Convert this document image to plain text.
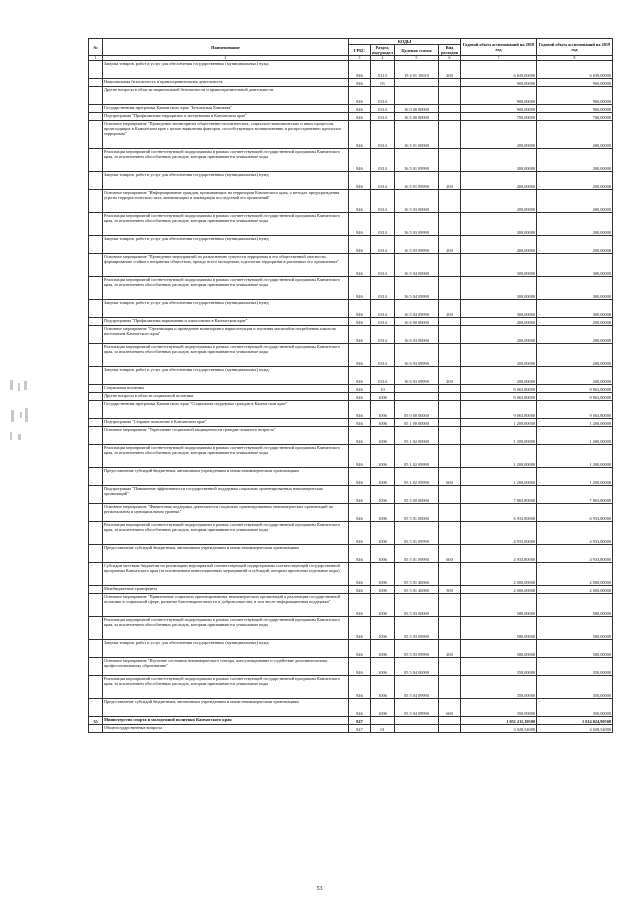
№	Наименование	КОДЫ				Годовой объем ассигнований на 2018 год	Годовой объем ассигнований на 2019 год
		ГРБС	Раздел, под-раздел	Целевая статья	Вид расходов		
1	2	3	4	5	6	7	8
	Закупка товаров, работ и услуг для обеспечения государственных (муниципальных) нужд	846	0113	19 4 01 10010	200	6 639,00000	6 639,00000
	Национальная безопасность и правоохранительная деятельность	846	03			900,00000	900,00000
	Другие вопросы в области национальной безопасности и правоохранительной деятельности	846	0314			900,00000	900,00000
	Государственная программа Камчатского края "Безопасная Камчатка"	846	0314	16 0 00 00000		900,00000	900,00000
	Подпрограмма "Профилактика терроризма и экстремизма в Камчатском крае"	846	0314	16 5 00 00000		700,00000	700,00000
	Основное мероприятие "Проведение мониторинга общественно-политических, социально-экономических и иных процессов, происходящих в Камчатском крае с целью выявления факторов, способствующих возникновению и распространению идеологии терроризма"	846	0314	16 5 01 00000		200,00000	200,00000
	Реализация мероприятий соответствующей подпрограммы в рамках соответствующей государственной программы Камчатского края, за исключением обособленных расходов, которым присваиваются уникальные коды	846	0314	16 5 01 09990		200,00000	200,00000
	Закупка товаров, работ и услуг для обеспечения государственных (муниципальных) нужд	846	0314	16 5 01 09990	200	200,00000	200,00000
	Основное мероприятие "Информирование граждан, проживающих на территории Камчатского края, о методах предупреждения угрозы террористического акта, минимизации и ликвидации последствий его проявлений"	846	0314	16 5 03 00000		200,00000	200,00000
	Реализация мероприятий соответствующей подпрограммы в рамках соответствующей государственной программы Камчатского края, за исключением обособленных расходов, которым присваиваются уникальные коды	846	0314	16 5 03 09990		200,00000	200,00000
	Закупка товаров, работ и услуг для обеспечения государственных (муниципальных) нужд	846	0314	16 5 03 09990	200	200,00000	200,00000
	Основное мероприятие "Проведение мероприятий по разъяснению сущности терроризма и его общественной опасности, формированию стойкого неприятия обществом, прежде всего молодежью, идеологии терроризма в различных его проявлениях"	846	0314	16 5 04 00000		300,00000	300,00000
	Реализация мероприятий соответствующей подпрограммы в рамках соответствующей государственной программы Камчатского края, за исключением обособленных расходов, которым присваиваются уникальные коды	846	0314	16 5 04 09990		300,00000	300,00000
	Закупка товаров, работ и услуг для обеспечения государственных (муниципальных) нужд	846	0314	16 5 04 09990	200	300,00000	300,00000
	Подпрограмма "Профилактика наркомании и алкоголизма в Камчатском крае"	846	0314	16 6 00 00000		200,00000	200,00000
	Основное мероприятие "Организация и проведение мониторинга наркоситуации и изучения масштабов потребления алкоголя населением Камчатского края"	846	0314	16 6 03 00000		200,00000	200,00000
	Реализация мероприятий соответствующей подпрограммы в рамках соответствующей государственной программы Камчатского края, за исключением обособленных расходов, которым присваиваются уникальные коды	846	0314	16 6 03 09990		200,00000	200,00000
	Закупка товаров, работ и услуг для обеспечения государственных (муниципальных) нужд	846	0314	16 6 03 09990	200	200,00000	200,00000
	Социальная политика	846	10			9 063,80000	9 063,80000
	Другие вопросы в области социальной политики	846	1006			9 063,80000	9 063,80000
	Государственная программа Камчатского края "Социальная поддержка граждан в Камчатском крае"	846	1006	05 0 00 00000		9 063,80000	9 063,80000
	Подпрограмма "Старшее поколение в Камчатском крае"	846	1006	05 1 00 00000		1 200,00000	1 200,00000
	Основное мероприятие "Укрепление социальной защищенности граждан пожилого возраста"	846	1006	05 1 02 00000		1 200,00000	1 200,00000
	Реализация мероприятий соответствующей подпрограммы в рамках соответствующей государственной программы Камчатского края, за исключением обособленных расходов, которым присваиваются уникальные коды	846	1006	05 1 02 09990		1 200,00000	1 200,00000
	Предоставление субсидий бюджетным, автономным учреждениям и иным некоммерческим организациям	846	1006	05 1 02 09990	600	1 200,00000	1 200,00000
	Подпрограмма "Повышение эффективности государственной поддержки социально ориентированных некоммерческих организаций"	846	1006	05 5 00 00000		7 863,80000	7 863,80000
	Основное мероприятие "Финансовая поддержка деятельности социально ориентированных некоммерческих организаций на региональном и муниципальном уровнях"	846	1006	05 5 01 00000		6 933,80000	6 933,80000
	Реализация мероприятий соответствующей подпрограммы в рамках соответствующей государственной программы Камчатского края, за исключением обособленных расходов, которым присваиваются уникальные коды	846	1006	05 5 01 09990		4 933,80000	4 933,80000
	Предоставление субсидий бюджетным, автономным учреждениям и иным некоммерческим организациям	846	1006	05 5 01 09990	600	4 933,80000	4 933,80000
	Субсидии местным бюджетам на реализацию мероприятий соответствующей подпрограммы соответствующей государственной программы Камчатского края (за исключением инвестиционных мероприятий и субсидий, которым присвоены отдельные коды)	846	1006	05 5 01 40060		2 000,00000	2 000,00000
	Межбюджетные трансферты	846	1006	05 5 01 40060	500	2 000,00000	2 000,00000
	Основное мероприятие "Привлечение социально ориентированных некоммерческих организаций к реализации государственной политики в социальной сфере, развитие благотворительности и добровольчества, в том числе информационная поддержка"	846	1006	05 5 03 00000		580,00000	580,00000
	Реализация мероприятий соответствующей подпрограммы в рамках соответствующей государственной программы Камчатского края, за исключением обособленных расходов, которым присваиваются уникальные коды	846	1006	05 5 03 09990		580,00000	580,00000
	Закупка товаров, работ и услуг для обеспечения государственных (муниципальных) нужд	846	1006	05 5 03 09990	200	580,00000	580,00000
	Основное мероприятие "Изучение состояния некоммерческого сектора, консультирование и содействие дополнительному профессиональному образованию"	846	1006	05 5 04 00000		350,00000	350,00000
	Реализация мероприятий соответствующей подпрограммы в рамках соответствующей государственной программы Камчатского края, за исключением обособленных расходов, которым присваиваются уникальные коды	846	1006	05 5 04 09990		350,00000	350,00000
	Предоставление субсидий бюджетным, автономным учреждениям и иным некоммерческим организациям	846	1006	05 5 04 09990	600	350,00000	350,00000
35	Министерство спорта и молодежной политики Камчатского края	847				1 051 211,10500	1 014 024,90500
	Общегосударственные вопросы	847	01			3 028,54000	4 028,54000
53
